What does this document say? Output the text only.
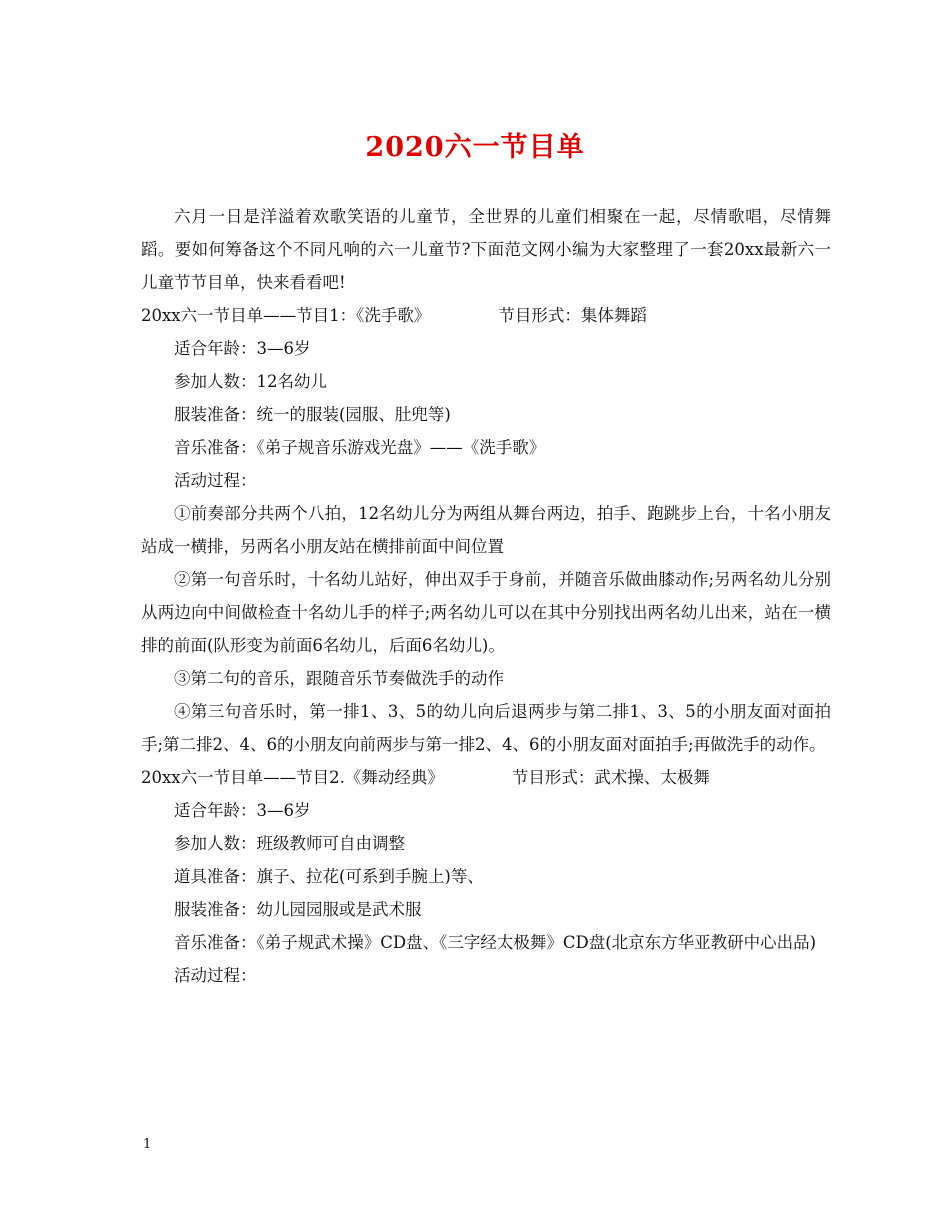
2020六一节目单

六月一日是洋溢着欢歌笑语的儿童节，全世界的儿童们相聚在一起，尽情歌唱，尽情舞蹈。要如何筹备这个不同凡响的六一儿童节?下面范文网小编为大家整理了一套20xx最新六一儿童节节目单，快来看看吧!

20xx六一节目单——节目1：《洗手歌》	节目形式：集体舞蹈

适合年龄：3—6岁

参加人数：12名幼儿

服装准备：统一的服装(园服、肚兜等)

音乐准备：《弟子规音乐游戏光盘》——《洗手歌》

活动过程：

①前奏部分共两个八拍，12名幼儿分为两组从舞台两边，拍手、跑跳步上台，十名小朋友站成一横排，另两名小朋友站在横排前面中间位置

②第一句音乐时，十名幼儿站好，伸出双手于身前，并随音乐做曲膝动作;另两名幼儿分别从两边向中间做检查十名幼儿手的样子;两名幼儿可以在其中分别找出两名幼儿出来，站在一横排的前面(队形变为前面6名幼儿，后面6名幼儿)。

③第二句的音乐，跟随音乐节奏做洗手的动作

④第三句音乐时，第一排1、3、5的幼儿向后退两步与第二排1、3、5的小朋友面对面拍手;第二排2、4、6的小朋友向前两步与第一排2、4、6的小朋友面对面拍手;再做洗手的动作。

20xx六一节目单——节目2.《舞动经典》	节目形式：武术操、太极舞

适合年龄：3—6岁

参加人数：班级教师可自由调整

道具准备：旗子、拉花(可系到手腕上)等、

服装准备：幼儿园园服或是武术服

音乐准备：《弟子规武术操》CD盘、《三字经太极舞》CD盘(北京东方华亚教研中心出品)

活动过程：

1
